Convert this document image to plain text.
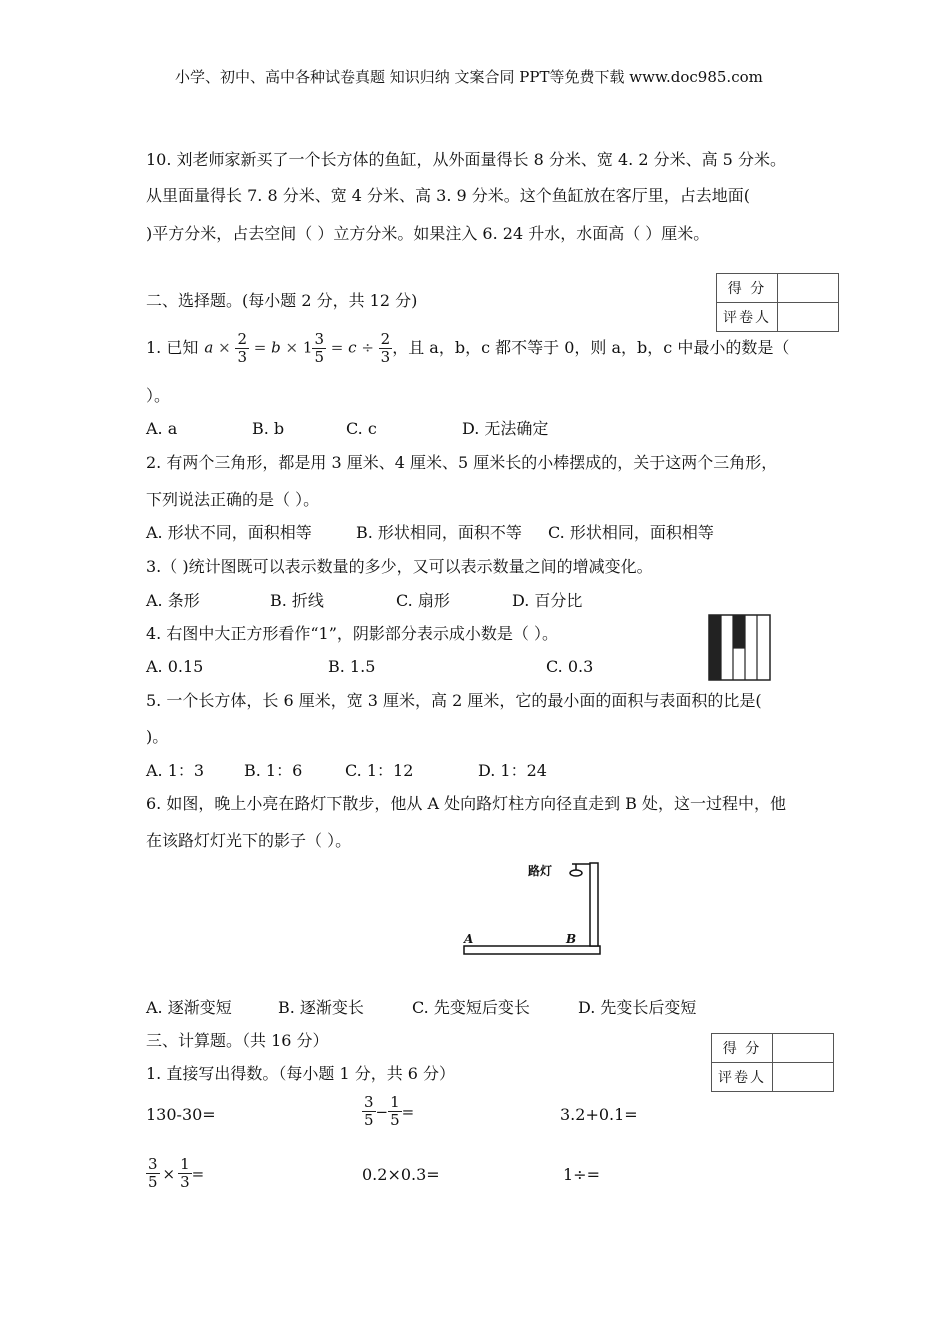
小学、初中、高中各种试卷真题 知识归纳 文案合同 PPT等免费下载 www.doc985.com
10. 刘老师家新买了一个长方体的鱼缸，从外面量得长 8 分米、宽 4. 2 分米、高 5 分米。
从里面量得长 7. 8 分米、宽 4 分米、高 3. 9 分米。这个鱼缸放在客厅里，占去地面(
)平方分米，占去空间（ ）立方分米。如果注入 6. 24 升水，水面高（ ）厘米。
得 分	
评卷人	
二、选择题。(每小题 2 分，共 12 分)
1. 已知 $a \times \frac{2}{3} = b \times 1 \frac{3}{5} = c \div \frac{2}{3}$ ，且 a，b，c 都不等于 0，则 a，b，c 中最小的数是（
）。
A. a	B. b	C. c	D. 无法确定
2. 有两个三角形，都是用 3 厘米、4 厘米、5 厘米长的小棒摆成的，关于这两个三角形，
下列说法正确的是（ ）。
A. 形状不同，面积相等	B. 形状相同，面积不等 C. 形状相同，面积相等
3.（ )统计图既可以表示数量的多少，又可以表示数量之间的增减变化。
A. 条形	B. 折线	C. 扇形	D. 百分比
4. 右图中大正方形看作“1”，阴影部分表示成小数是（ ）。
A. 0.15	B. 1.5	C. 0.3
5. 一个长方体，长 6 厘米，宽 3 厘米，高 2 厘米，它的最小面的面积与表面积的比是(
)。
A. 1：3 B. 1：6	C. 1：12	D. 1：24
6. 如图，晚上小亮在路灯下散步，他从 A 处向路灯柱方向径直走到 B 处，这一过程中，他
在该路灯灯光下的影子（ ）。
路灯
A	B
A. 逐渐变短	B. 逐渐变长	C. 先变短后变长	D. 先变长后变短
三、计算题。（共 16 分）	得 分	
评卷人	
1. 直接写出得数。（每小题 1 分，共 6 分）
130-30=	$\frac{3}{5} - \frac{1}{5}$ =	3.2+0.1=
$\frac{3}{5} \times \frac{1}{3}$ =	0.2×0.3=	1÷=
